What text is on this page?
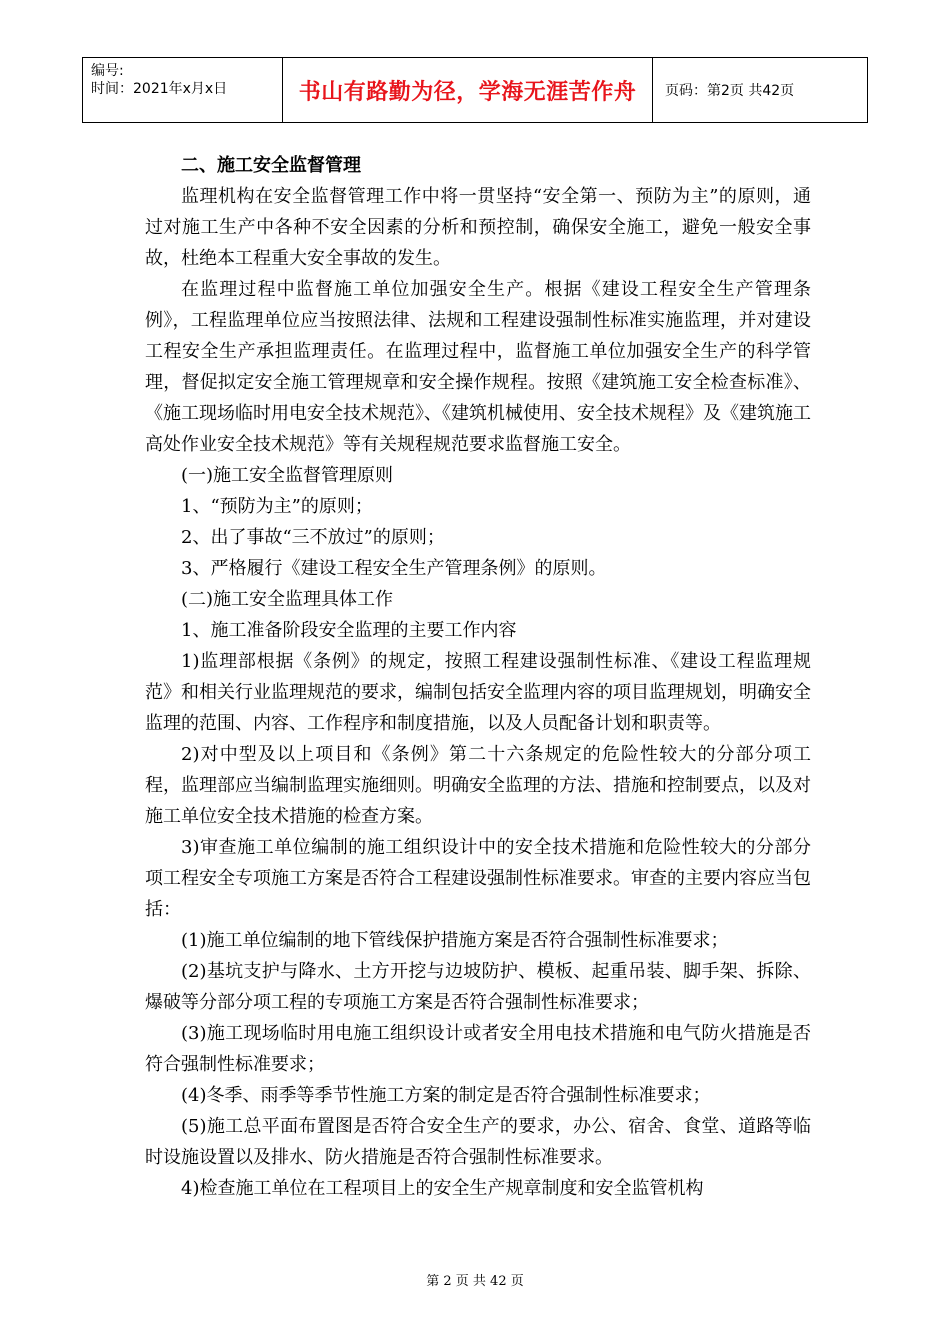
编号:
时间：2021年x月x日	书山有路勤为径，学海无涯苦作舟	页码：第2页 共42页

二、施工安全监督管理

监理机构在安全监督管理工作中将一贯坚持“安全第一、预防为主”的原则，通过对施工生产中各种不安全因素的分析和预控制，确保安全施工，避免一般安全事故，杜绝本工程重大安全事故的发生。

在监理过程中监督施工单位加强安全生产。根据《建设工程安全生产管理条例》，工程监理单位应当按照法律、法规和工程建设强制性标准实施监理，并对建设工程安全生产承担监理责任。在监理过程中，监督施工单位加强安全生产的科学管理，督促拟定安全施工管理规章和安全操作规程。按照《建筑施工安全检查标准》、《施工现场临时用电安全技术规范》、《建筑机械使用、安全技术规程》及《建筑施工高处作业安全技术规范》等有关规程规范要求监督施工安全。

(一)施工安全监督管理原则

1、“预防为主”的原则；

2、出了事故“三不放过”的原则；

3、严格履行《建设工程安全生产管理条例》的原则。

(二)施工安全监理具体工作

1、施工准备阶段安全监理的主要工作内容

1)监理部根据《条例》的规定，按照工程建设强制性标准、《建设工程监理规范》和相关行业监理规范的要求，编制包括安全监理内容的项目监理规划，明确安全监理的范围、内容、工作程序和制度措施，以及人员配备计划和职责等。

2)对中型及以上项目和《条例》第二十六条规定的危险性较大的分部分项工程，监理部应当编制监理实施细则。明确安全监理的方法、措施和控制要点，以及对施工单位安全技术措施的检查方案。

3)审查施工单位编制的施工组织设计中的安全技术措施和危险性较大的分部分项工程安全专项施工方案是否符合工程建设强制性标准要求。审查的主要内容应当包括：

(1)施工单位编制的地下管线保护措施方案是否符合强制性标准要求；

(2)基坑支护与降水、土方开挖与边坡防护、模板、起重吊装、脚手架、拆除、爆破等分部分项工程的专项施工方案是否符合强制性标准要求；

(3)施工现场临时用电施工组织设计或者安全用电技术措施和电气防火措施是否符合强制性标准要求；

(4)冬季、雨季等季节性施工方案的制定是否符合强制性标准要求；

(5)施工总平面布置图是否符合安全生产的要求，办公、宿舍、食堂、道路等临时设施设置以及排水、防火措施是否符合强制性标准要求。

4)检查施工单位在工程项目上的安全生产规章制度和安全监管机构

第 2 页 共 42 页
